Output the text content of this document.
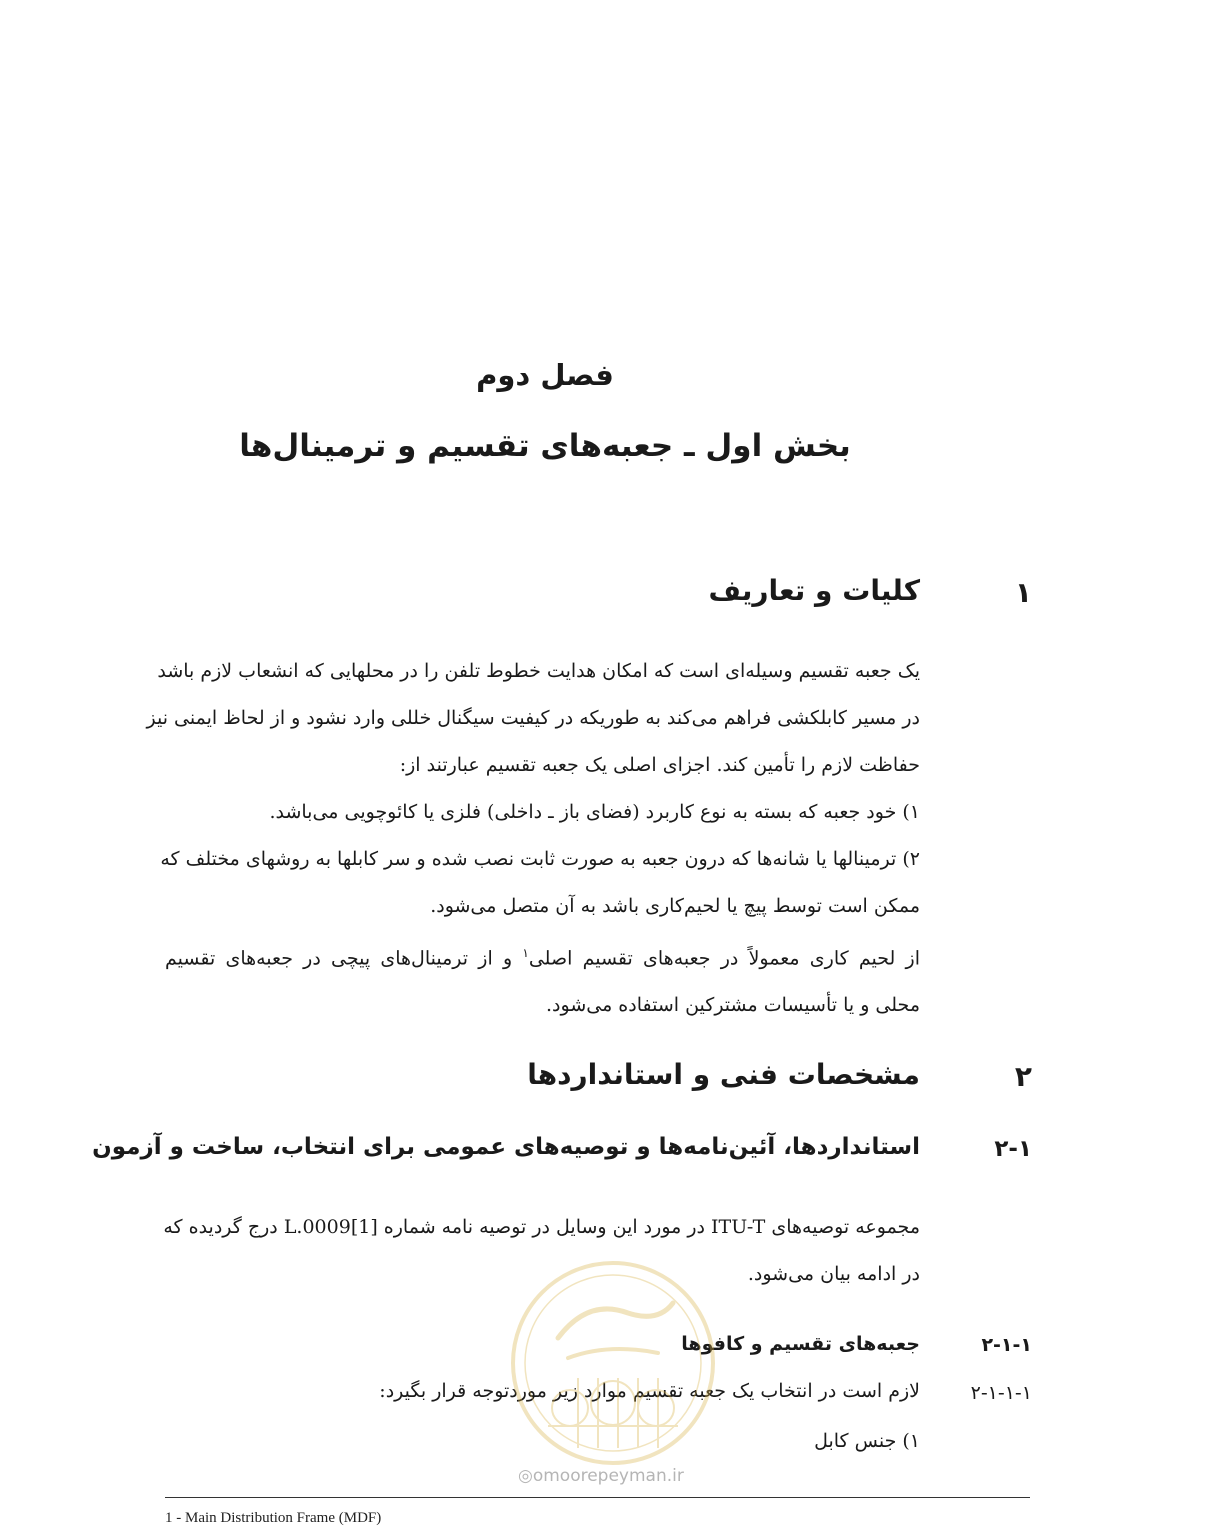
فصل دوم
بخش اول ـ جعبه‌های تقسیم و ترمینال‌ها
۱
کلیات و تعاریف
یک جعبه تقسیم وسیله‌ای است که امکان هدایت خطوط تلفن را در محلهایی که انشعاب لازم باشد
در مسیر کابلکشی فراهم می‌کند به طوریکه در کیفیت سیگنال خللی وارد نشود و از لحاظ ایمنی نیز
حفاظت لازم را تأمین کند. اجزای اصلی یک جعبه تقسیم عبارتند از:
۱) خود جعبه که بسته به نوع کاربرد (فضای باز ـ داخلی) فلزی یا کائوچویی می‌باشد.
۲) ترمینالها یا شانه‌ها که درون جعبه به صورت ثابت نصب شده و سر کابلها به روشهای مختلف که
ممکن است توسط پیچ یا لحیم‌کاری باشد به آن متصل می‌شود.
از لحیم کاری معمولاً در جعبه‌های تقسیم اصلی$^۱$ و از ترمینال‌های پیچی در جعبه‌های تقسیم
محلی و یا تأسیسات مشترکین استفاده می‌شود.
۲
مشخصات فنی و استانداردها
۲-۱
استانداردها، آئین‌نامه‌ها و توصیه‌های عمومی برای انتخاب، ساخت و آزمون
مجموعه توصیه‌های ITU-T در مورد این وسایل در توصیه نامه شماره [1]L.0009 درج گردیده که
در ادامه بیان می‌شود.
۲-۱-۱
جعبه‌های تقسیم و کافوها
۲-۱-۱-۱
لازم است در انتخاب یک جعبه تقسیم موارد زیر موردتوجه قرار بگیرد:
۱) جنس کابل
◎omoorepeyman.ir
1 - Main Distribution Frame (MDF)
